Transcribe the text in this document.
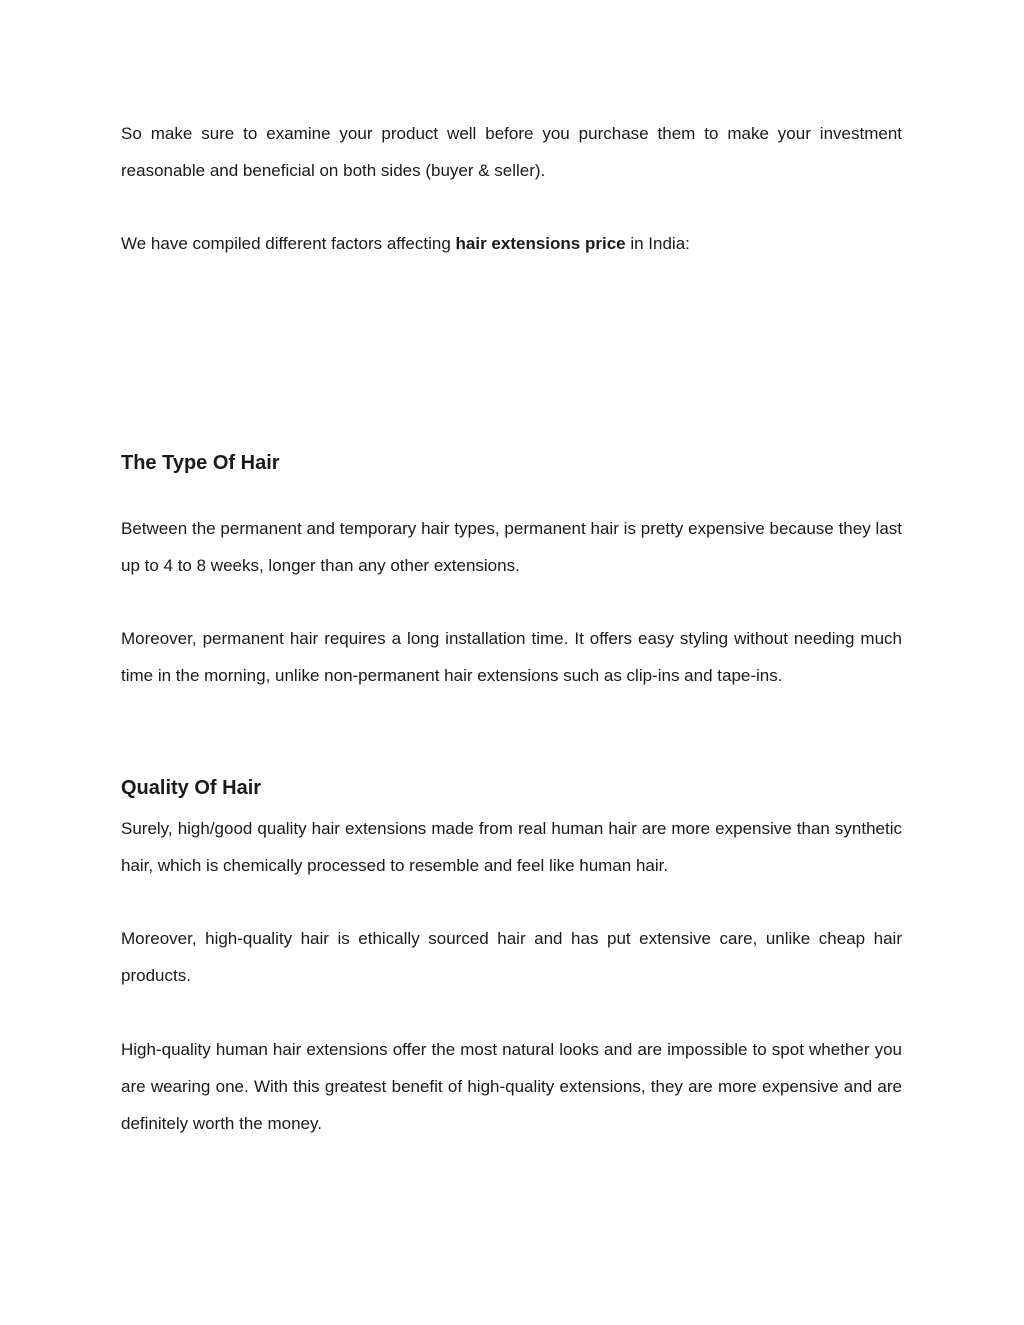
So make sure to examine your product well before you purchase them to make your investment reasonable and beneficial on both sides (buyer & seller).

We have compiled different factors affecting hair extensions price in India:

The Type Of Hair

Between the permanent and temporary hair types, permanent hair is pretty expensive because they last up to 4 to 8 weeks, longer than any other extensions.

Moreover, permanent hair requires a long installation time. It offers easy styling without needing much time in the morning, unlike non-permanent hair extensions such as clip-ins and tape-ins.

Quality Of Hair

Surely, high/good quality hair extensions made from real human hair are more expensive than synthetic hair, which is chemically processed to resemble and feel like human hair.

Moreover, high-quality hair is ethically sourced hair and has put extensive care, unlike cheap hair products.

High-quality human hair extensions offer the most natural looks and are impossible to spot whether you are wearing one. With this greatest benefit of high-quality extensions, they are more expensive and are definitely worth the money.
